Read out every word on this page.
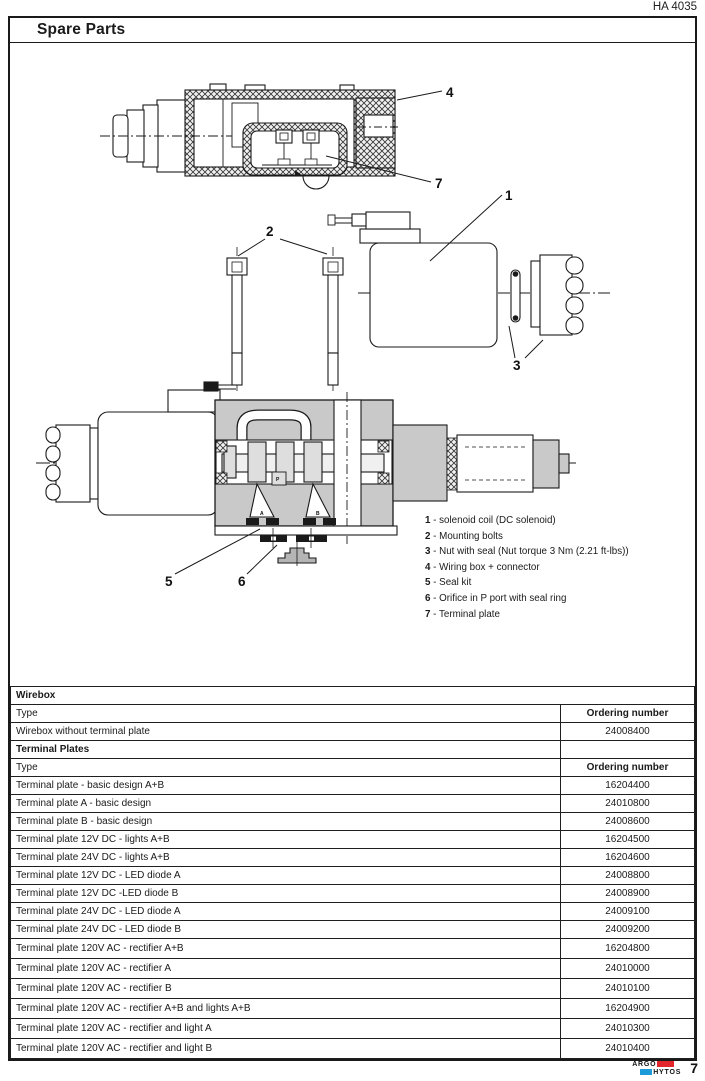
HA 4035
Spare Parts
4
7
2
1
3
A	B
P
5	6
1 - solenoid coil (DC solenoid)
2 - Mounting bolts
3 - Nut with seal (Nut torque 3 Nm (2.21 ft-lbs))
4 - Wiring box + connector
5 - Seal kit
6 - Orifice in P port with seal ring
7 - Terminal plate
Wirebox	
Type	Ordering number
Wirebox without terminal plate	24008400
Terminal Plates	
Type	Ordering number
Terminal plate - basic design A+B	16204400
Terminal plate A - basic design	24010800
Terminal plate B - basic design	24008600
Terminal plate 12V DC - lights A+B	16204500
Terminal plate 24V DC - lights A+B	16204600
Terminal plate 12V DC - LED diode A	24008800
Terminal plate 12V DC -LED diode B	24008900
Terminal plate 24V DC - LED diode A	24009100
Terminal plate 24V DC - LED diode B	24009200
Terminal plate 120V AC - rectifier A+B	16204800
Terminal plate 120V AC - rectifier A	24010000
Terminal plate 120V AC - rectifier B	24010100
Terminal plate 120V AC - rectifier A+B and lights A+B	16204900
Terminal plate 120V AC - rectifier and light A	24010300
Terminal plate 120V AC - rectifier and light B	24010400
ARGO
HYTOS 7
